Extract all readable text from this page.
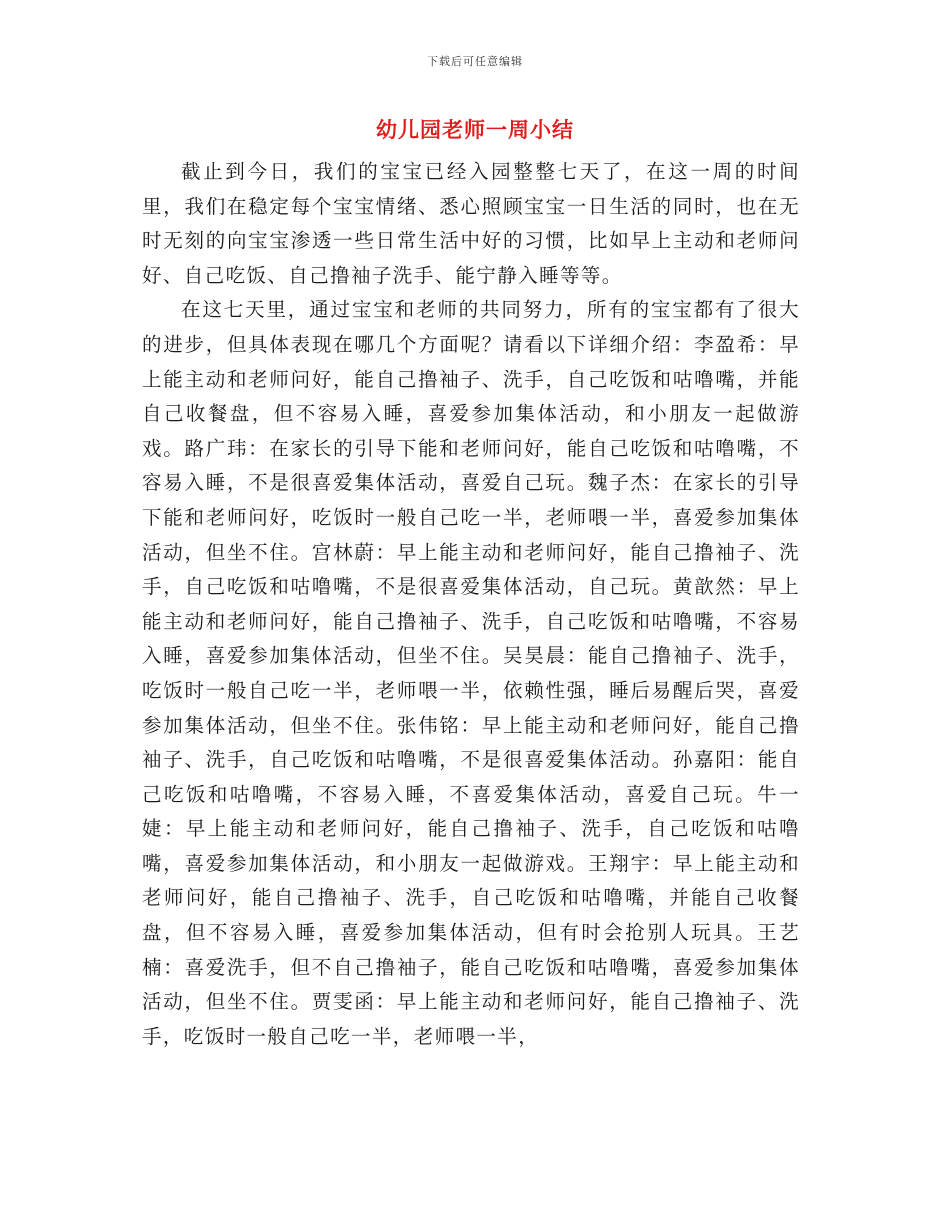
下载后可任意编辑
幼儿园老师一周小结

截止到今日，我们的宝宝已经入园整整七天了，在这一周的时间里，我们在稳定每个宝宝情绪、悉心照顾宝宝一日生活的同时，也在无时无刻的向宝宝渗透一些日常生活中好的习惯，比如早上主动和老师问好、自己吃饭、自己撸袖子洗手、能宁静入睡等等。

在这七天里，通过宝宝和老师的共同努力，所有的宝宝都有了很大的进步，但具体表现在哪几个方面呢？请看以下详细介绍：李盈希：早上能主动和老师问好，能自己撸袖子、洗手，自己吃饭和咕噜嘴，并能自己收餐盘，但不容易入睡，喜爱参加集体活动，和小朋友一起做游戏。路广玮：在家长的引导下能和老师问好，能自己吃饭和咕噜嘴，不容易入睡，不是很喜爱集体活动，喜爱自己玩。魏子杰：在家长的引导下能和老师问好，吃饭时一般自己吃一半，老师喂一半，喜爱参加集体活动，但坐不住。宫林蔚：早上能主动和老师问好，能自己撸袖子、洗手，自己吃饭和咕噜嘴，不是很喜爱集体活动，自己玩。黄歆然：早上能主动和老师问好，能自己撸袖子、洗手，自己吃饭和咕噜嘴，不容易入睡，喜爱参加集体活动，但坐不住。吴昊晨：能自己撸袖子、洗手，吃饭时一般自己吃一半，老师喂一半，依赖性强，睡后易醒后哭，喜爱参加集体活动，但坐不住。张伟铭：早上能主动和老师问好，能自己撸袖子、洗手，自己吃饭和咕噜嘴，不是很喜爱集体活动。孙嘉阳：能自己吃饭和咕噜嘴，不容易入睡，不喜爱集体活动，喜爱自己玩。牛一婕：早上能主动和老师问好，能自己撸袖子、洗手，自己吃饭和咕噜嘴，喜爱参加集体活动，和小朋友一起做游戏。王翔宇：早上能主动和老师问好，能自己撸袖子、洗手，自己吃饭和咕噜嘴，并能自己收餐盘，但不容易入睡，喜爱参加集体活动，但有时会抢别人玩具。王艺楠：喜爱洗手，但不自己撸袖子，能自己吃饭和咕噜嘴，喜爱参加集体活动，但坐不住。贾雯函：早上能主动和老师问好，能自己撸袖子、洗手，吃饭时一般自己吃一半，老师喂一半，
